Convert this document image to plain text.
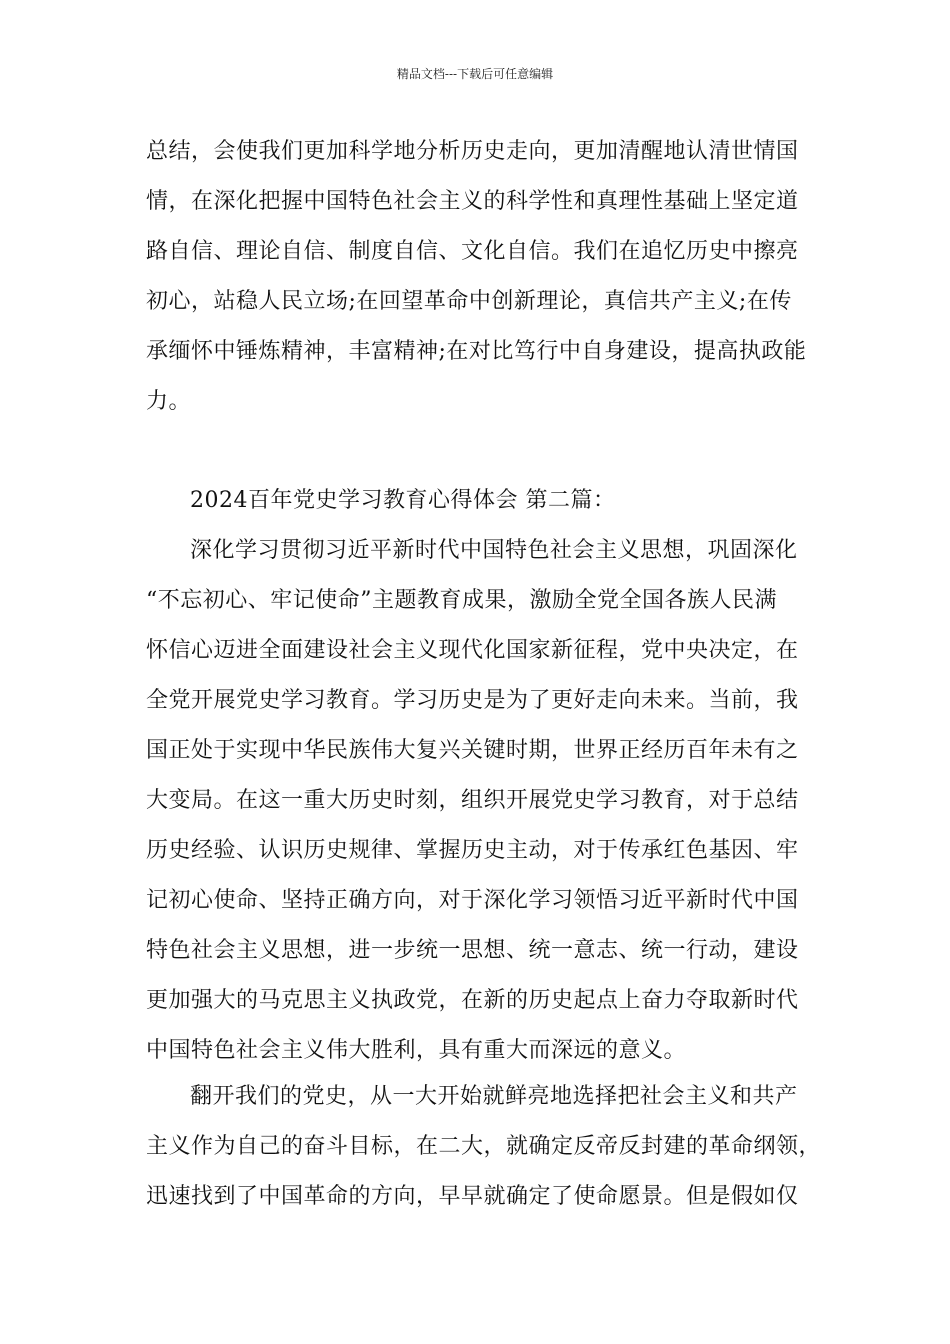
精品文档---下载后可任意编辑
总结，会使我们更加科学地分析历史走向，更加清醒地认清世情国
情，在深化把握中国特色社会主义的科学性和真理性基础上坚定道
路自信、理论自信、制度自信、文化自信。我们在追忆历史中擦亮
初心，站稳人民立场;在回望革命中创新理论，真信共产主义;在传
承缅怀中锤炼精神，丰富精神;在对比笃行中自身建设，提高执政能
力。
2024百年党史学习教育心得体会 第二篇：
深化学习贯彻习近平新时代中国特色社会主义思想，巩固深化
“不忘初心、牢记使命”主题教育成果，激励全党全国各族人民满
怀信心迈进全面建设社会主义现代化国家新征程，党中央决定，在
全党开展党史学习教育。学习历史是为了更好走向未来。当前，我
国正处于实现中华民族伟大复兴关键时期，世界正经历百年未有之
大变局。在这一重大历史时刻，组织开展党史学习教育，对于总结
历史经验、认识历史规律、掌握历史主动，对于传承红色基因、牢
记初心使命、坚持正确方向，对于深化学习领悟习近平新时代中国
特色社会主义思想，进一步统一思想、统一意志、统一行动，建设
更加强大的马克思主义执政党，在新的历史起点上奋力夺取新时代
中国特色社会主义伟大胜利，具有重大而深远的意义。
翻开我们的党史，从一大开始就鲜亮地选择把社会主义和共产
主义作为自己的奋斗目标，在二大，就确定反帝反封建的革命纲领，
迅速找到了中国革命的方向，早早就确定了使命愿景。但是假如仅
